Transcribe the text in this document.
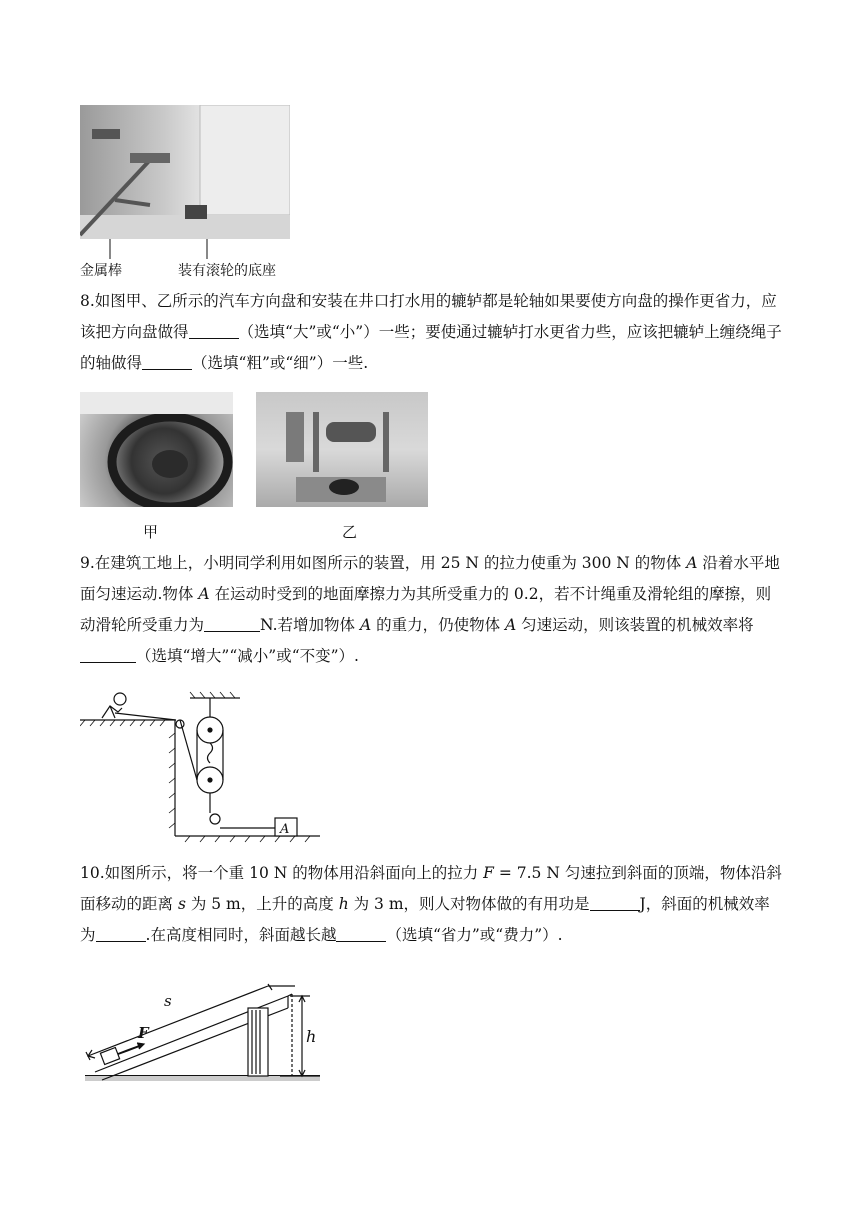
金属棒	装有滚轮的底座
8.如图甲、乙所示的汽车方向盘和安装在井口打水用的辘轳都是轮轴如果要使方向盘的操作更省力，应该把方向盘做得	（选填“大”或“小”）一些；要使通过辘轳打水更省力些，应该把辘轳上缠绕绳子的轴做得	（选填“粗”或“细”）一些.
甲	乙
9.在建筑工地上，小明同学利用如图所示的装置，用 25 N 的拉力使重为 300 N 的物体 A 沿着水平地面匀速运动.物体 A 在运动时受到的地面摩擦力为其所受重力的 0.2，若不计绳重及滑轮组的摩擦，则动滑轮所受重力为	N.若增加物体 A 的重力，仍使物体 A 匀速运动，则该装置的机械效率将（选填“增大”“减小”或“不变”）.
A
10.如图所示，将一个重 10 N 的物体用沿斜面向上的拉力 F = 7.5 N 匀速拉到斜面的顶端，物体沿斜面移动的距离 s 为 5 m，上升的高度 h 为 3 m，则人对物体做的有用功是	J，斜面的机械效率为	.在高度相同时，斜面越长越	（选填“省力”或“费力”）.
s
F	h
